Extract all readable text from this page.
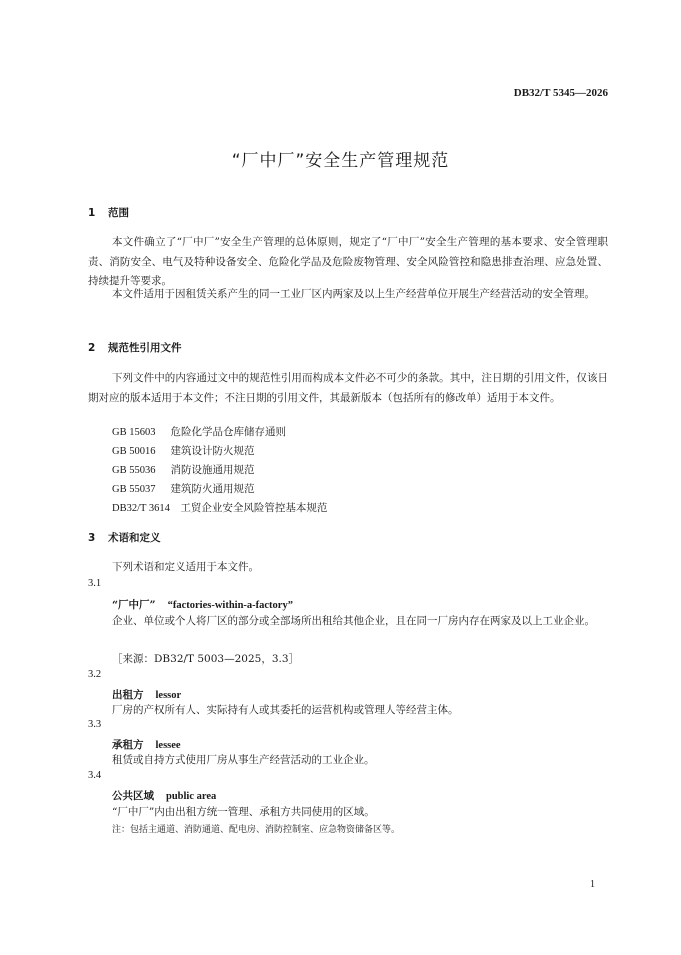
DB32/T 5345—2026
“厂中厂”安全生产管理规范
1 范围
本文件确立了“厂中厂”安全生产管理的总体原则，规定了“厂中厂”安全生产管理的基本要求、安全管理职责、消防安全、电气及特种设备安全、危险化学品及危险废物管理、安全风险管控和隐患排查治理、应急处置、持续提升等要求。
本文件适用于因租赁关系产生的同一工业厂区内两家及以上生产经营单位开展生产经营活动的安全管理。
2 规范性引用文件
下列文件中的内容通过文中的规范性引用而构成本文件必不可少的条款。其中，注日期的引用文件，仅该日期对应的版本适用于本文件；不注日期的引用文件，其最新版本（包括所有的修改单）适用于本文件。
GB 15603　 危险化学品仓库储存通则
GB 50016　 建筑设计防火规范
GB 55036　 消防设施通用规范
GB 55037　 建筑防火通用规范
DB32/T 3614　 工贸企业安全风险管控基本规范
3 术语和定义
下列术语和定义适用于本文件。
3.1
“厂中厂” “factories-within-a-factory”
企业、单位或个人将厂区的部分或全部场所出租给其他企业，且在同一厂房内存在两家及以上工业企业。
［来源：DB32/T 5003—2025，3.3］
3.2
出租方 lessor
厂房的产权所有人、实际持有人或其委托的运营机构或管理人等经营主体。
3.3
承租方 lessee
租赁或自持方式使用厂房从事生产经营活动的工业企业。
3.4
公共区域 public area
“厂中厂”内由出租方统一管理、承租方共同使用的区域。
注：包括主通道、消防通道、配电房、消防控制室、应急物资储备区等。
1
